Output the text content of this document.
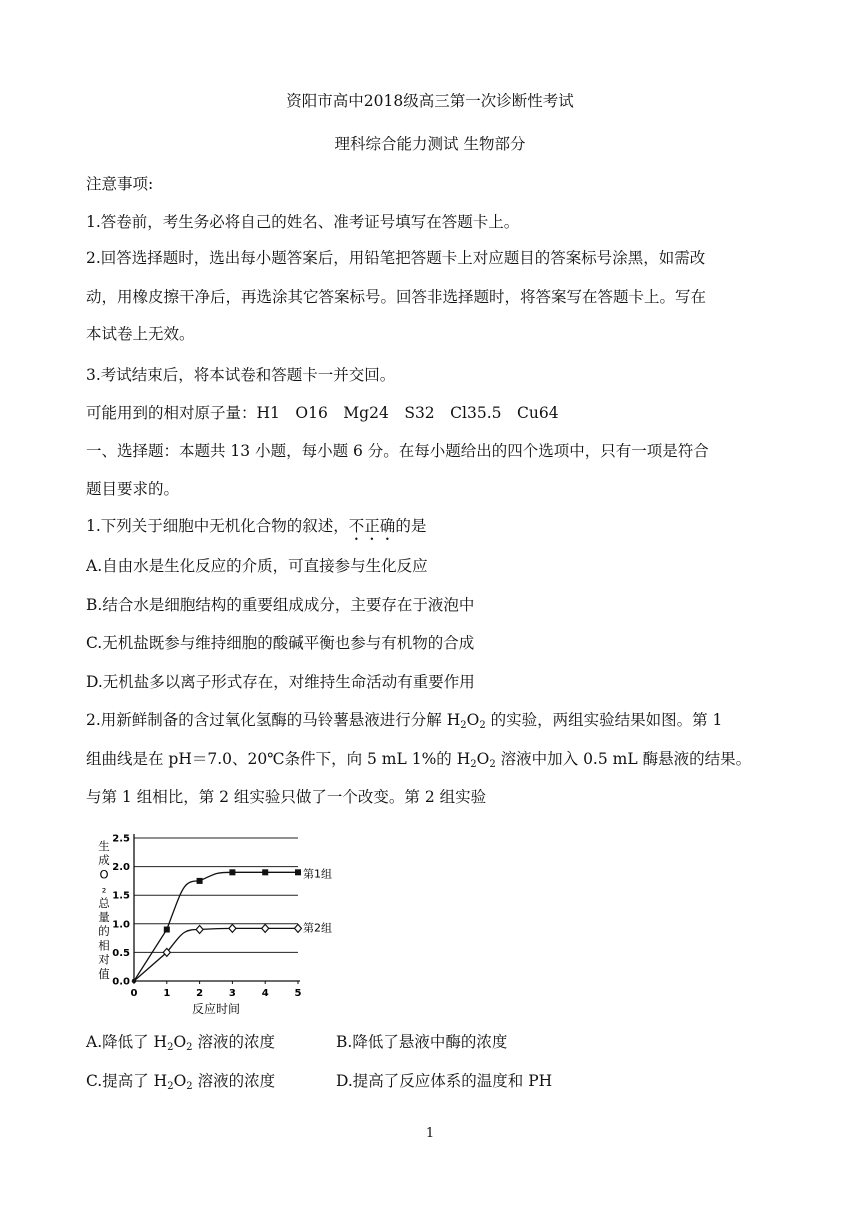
资阳市高中2018级高三第一次诊断性考试
理科综合能力测试 生物部分
注意事项:
1.答卷前，考生务必将自己的姓名、准考证号填写在答题卡上。
2.回答选择题时，选出每小题答案后，用铅笔把答题卡上对应题目的答案标号涂黑，如需改
动，用橡皮擦干净后，再选涂其它答案标号。回答非选择题时，将答案写在答题卡上。写在
本试卷上无效。
3.考试结束后，将本试卷和答题卡一并交回。
可能用到的相对原子量：H1　O16　Mg24　S32　Cl35.5　Cu64
一、选择题：本题共 13 小题，每小题 6 分。在每小题给出的四个选项中，只有一项是符合
题目要求的。
1.下列关于细胞中无机化合物的叙述，不正确的是
A.自由水是生化反应的介质，可直接参与生化反应
B.结合水是细胞结构的重要组成成分，主要存在于液泡中
C.无机盐既参与维持细胞的酸碱平衡也参与有机物的合成
D.无机盐多以离子形式存在，对维持生命活动有重要作用
2.用新鲜制备的含过氧化氢酶的马铃薯悬液进行分解 $H_2O_2$ 的实验，两组实验结果如图。第 1
组曲线是在 pH＝7.0、20℃条件下，向 5 mL 1%的 $H_2O_2$ 溶液中加入 0.5 mL 酶悬液的结果。
与第 1 组相比，第 2 组实验只做了一个改变。第 2 组实验
0	1	2	3	4	5
0.0
0.5
1.0
1.5
2.0
2.5
反应时间
生成 O ₂ 总量的相对值
第1组
第2组
A.降低了 $H_2O_2$ 溶液的浓度	B.降低了悬液中酶的浓度
C.提高了 $H_2O_2$ 溶液的浓度	D.提高了反应体系的温度和 PH
1
